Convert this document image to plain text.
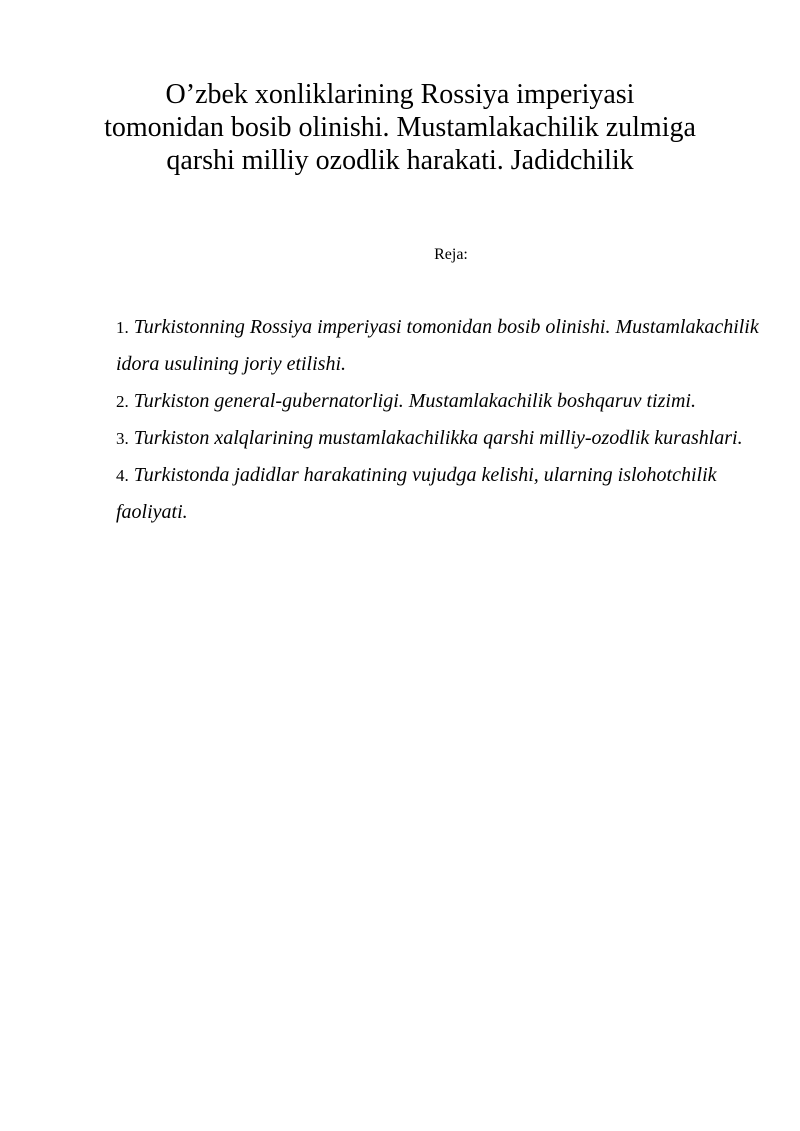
O’zbek xonliklarining Rossiya imperiyasi
tomonidan bosib olinishi. Mustamlakachilik zulmiga
qarshi milliy ozodlik harakati. Jadidchilik
Reja:
1. Turkistonning Rossiya imperiyasi tomonidan bosib olinishi. Mustamlakachilik idora usulining joriy etilishi.
2. Turkiston general-gubernatorligi. Mustamlakachilik boshqaruv tizimi.
3. Turkiston xalqlarining mustamlakachilikka qarshi milliy-ozodlik kurashlari.
4. Turkistonda jadidlar harakatining vujudga kelishi, ularning islohotchilik faoliyati.
